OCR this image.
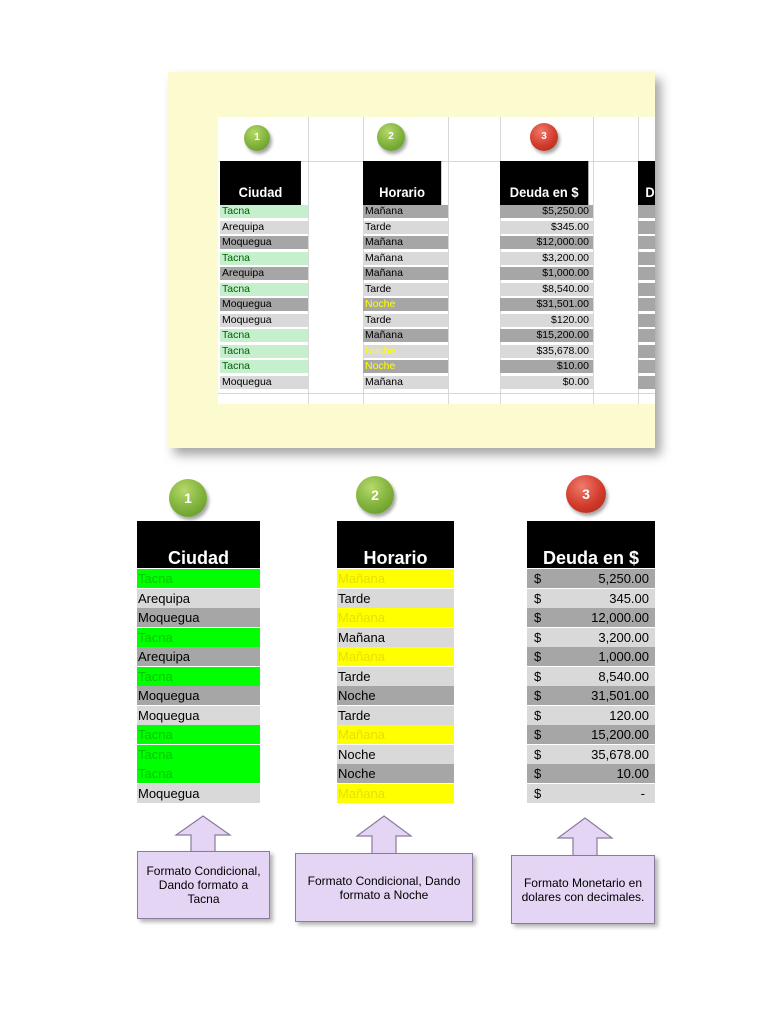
1	2	3
Ciudad	Horario	Deuda en $	D
Tacna	Mañana	$5,250.00
Arequipa	Tarde	$345.00
Moquegua	Mañana	$12,000.00
Tacna	Mañana	$3,200.00
Arequipa	Mañana	$1,000.00
Tacna	Tarde	$8,540.00
Moquegua	Noche	$31,501.00
Moquegua	Tarde	$120.00
Tacna	Mañana	$15,200.00
Tacna	Noche	$35,678.00
Tacna	Noche	$10.00
Moquegua	Mañana	$0.00
1	2	3
Ciudad	Horario	Deuda en $
Tacna
Arequipa
Moquegua
Tacna
Arequipa
Tacna
Moquegua
Moquegua
Tacna
Tacna
Tacna
Moquegua
Mañana
Tarde
Mañana
Mañana
Mañana
Tarde
Noche
Tarde
Mañana
Noche
Noche
Mañana
$	5,250.00
$	345.00
$	12,000.00
$	3,200.00
$	1,000.00
$	8,540.00
$	31,501.00
$	120.00
$	15,200.00
$	35,678.00
$	10.00
$	-
Formato Condicional,
Dando formato a Tacna
Formato Condicional, Dando
formato a Noche
Formato Monetario en
dolares con decimales.
